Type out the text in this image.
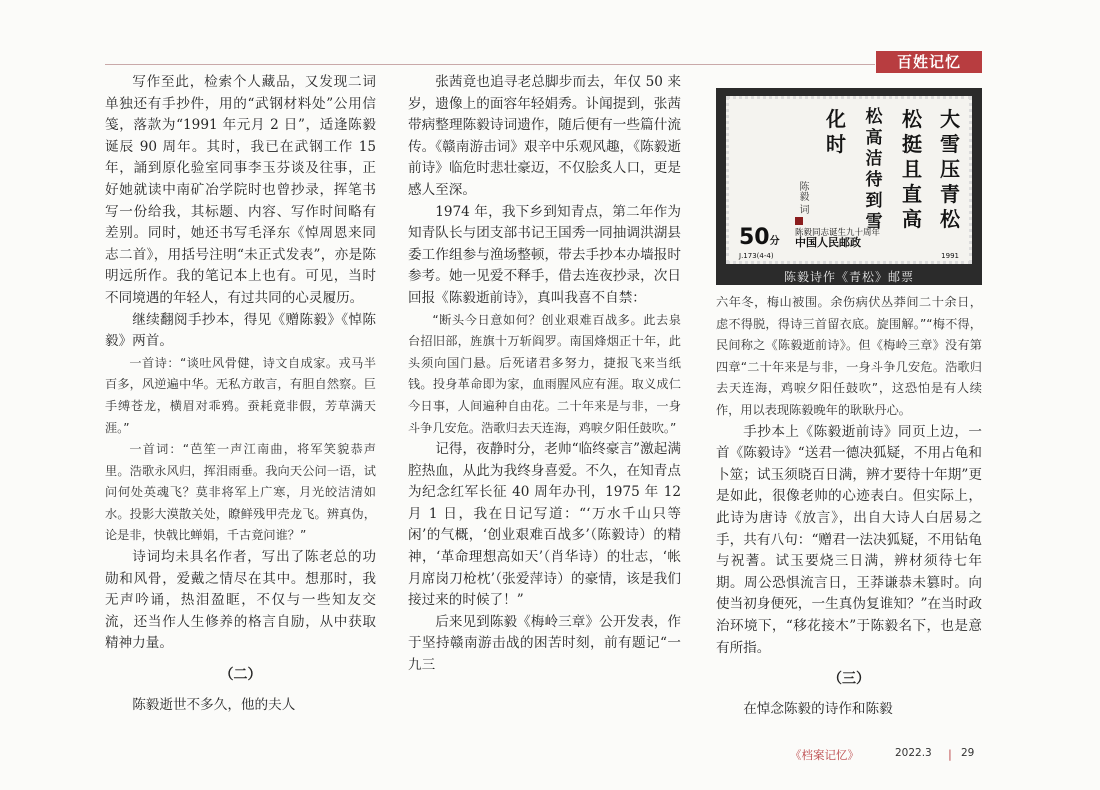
百姓记忆

写作至此，检索个人藏品，又发现二词单独还有手抄件，用的“武钢材料处”公用信笺，落款为“1991 年元月 2 日”，适逢陈毅诞辰 90 周年。其时，我已在武钢工作 15 年，誦到原化验室同事李玉芬谈及往事，正好她就读中南矿冶学院时也曾抄录，挥笔书写一份给我，其标题、内容、写作时间略有差别。同时，她还书写毛泽东《悼周恩来同志二首》，用括号注明“未正式发表”，亦是陈明远所作。我的笔记本上也有。可见，当时不同境遇的年轻人，有过共同的心灵履历。

继续翻阅手抄本，得见《赠陈毅》《悼陈毅》两首。

一首诗：“谈吐风骨健，诗文自成家。戎马半百多，风逆遍中华。无私方敢言，有胆自然察。巨手缚苍龙，横眉对乖鸦。蚕耗竟非假，芳草满天涯。”

一首词：“芭笙一声江南曲，将军笑貌恭声里。浩歌永风归，挥泪雨垂。我向天公问一语，试问何处英魂飞？莫非将军上广寒，月光皎洁清如水。投影大漠散关处，瞭鲜残甲壳龙飞。辨真伪，论是非，快戟比蝉娟，千古竟问谁？”

诗词均未具名作者，写出了陈老总的功勋和风骨，爱戴之情尽在其中。想那时，我无声吟诵，热泪盈眶，不仅与一些知友交流，还当作人生修养的格言自励，从中获取精神力量。

（二）

陈毅逝世不多久，他的夫人

张茜竟也追寻老总脚步而去，年仅 50 来岁，遗像上的面容年轻娟秀。讣闻提到，张茜带病整理陈毅诗词遗作，随后便有一些篇什流传。《赣南游击词》艰辛中乐观风趣，《陈毅逝前诗》临危时悲壮豪迈，不仅脍炙人口，更是感人至深。

1974 年，我下乡到知青点，第二年作为知青队长与团支部书记王国秀一同抽调洪湖县委工作组参与渔场整顿，带去手抄本办墙报时参考。她一见爱不释手，借去连夜抄录，次日回报《陈毅逝前诗》，真叫我喜不自禁：

“断头今日意如何？创业艰难百战多。此去泉台招旧部，旌旗十万斩阎罗。南国烽烟正十年，此头须向国门悬。后死诸君多努力，捷报飞来当纸钱。投身革命即为家，血雨腥风应有涯。取义成仁今日事，人间遍种自由花。二十年来是与非，一身斗争几安危。浩歌归去天连海，鸡唳夕阳任鼓吹。”

记得，夜静时分，老帅“临终豪言”激起满腔热血，从此为我终身喜爱。不久，在知青点为纪念红军长征 40 周年办刊，1975 年 12 月 1 日，我在日记写道：“‘万水千山只等闲’的气概，‘创业艰难百战多’（陈毅诗）的精神，‘革命理想高如天’（肖华诗）的壮志，‘帐月席岗刀枪枕’（张爱萍诗）的豪情，该是我们接过来的时候了！”

后来见到陈毅《梅岭三章》公开发表，作于坚持赣南游击战的困苦时刻，前有题记“一九三

大雪压青松
松挺且直高
松高洁待到雪
化时
陈毅 词
50分
陈毅同志诞生九十周年
中国人民邮政
J.173(4-4)	1991
陈毅诗作《青松》邮票

六年冬，梅山被围。余伤病伏丛莽间二十余日，虑不得脱，得诗三首留衣底。旋围解。”“梅不得，民间称之《陈毅逝前诗》。但《梅岭三章》没有第四章“二十年来是与非，一身斗争几安危。浩歌归去天连海，鸡唳夕阳任鼓吹”，这恐怕是有人续作，用以表现陈毅晚年的耿耿丹心。

手抄本上《陈毅逝前诗》同页上边，一首《陈毅诗》“送君一德决狐疑，不用占龟和卜筮；试玉须晓百日满，辨才要待十年期”更是如此，很像老帅的心迹表白。但实际上，此诗为唐诗《放言》，出自大诗人白居易之手，共有八句：“赠君一法决狐疑，不用钻龟与祝蓍。试玉要烧三日满，辨材须待七年期。周公恐惧流言日，王莽谦恭未篡时。向使当初身便死，一生真伪复谁知？”在当时政治环境下，“移花接木”于陈毅名下，也是意有所指。

（三）

在悼念陈毅的诗作和陈毅

《档案记忆》	2022.3 | 29
